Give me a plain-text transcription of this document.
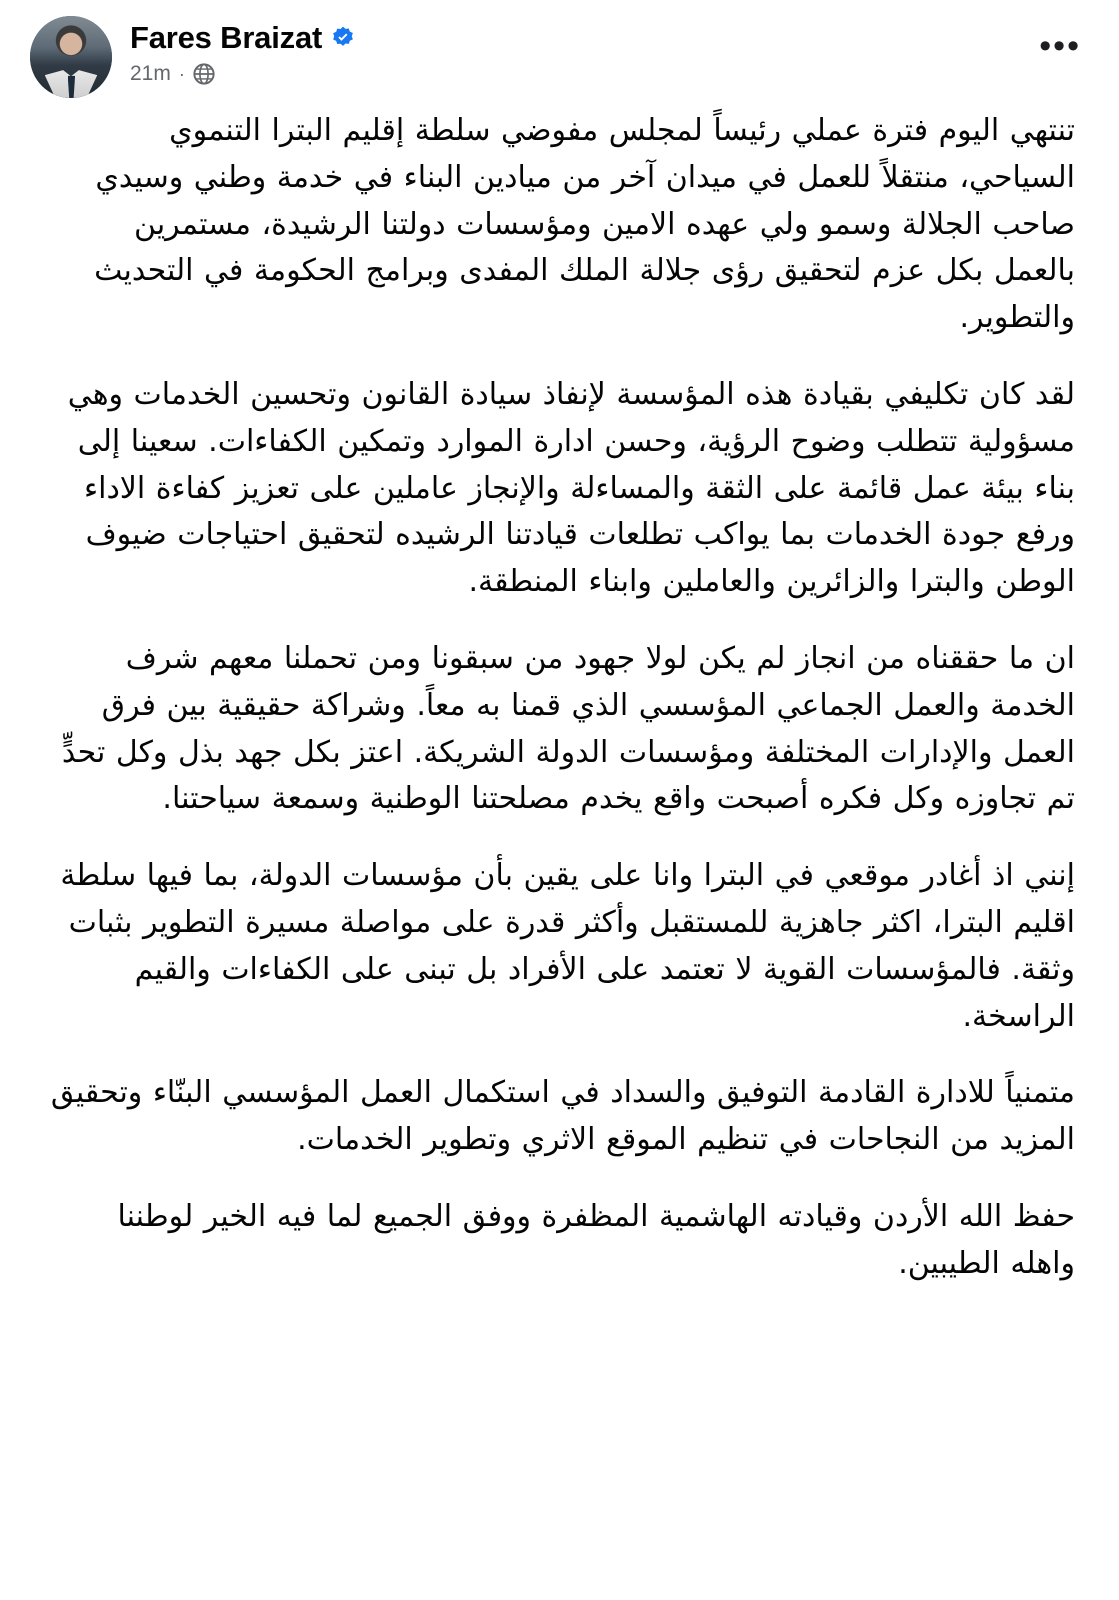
Fares Braizat
21m ·
•••

تنتهي اليوم فترة عملي رئيساً لمجلس مفوضي سلطة إقليم البترا التنموي السياحي، منتقلاً للعمل في ميدان آخر من ميادين البناء في خدمة وطني وسيدي صاحب الجلالة وسمو ولي عهده الامين ومؤسسات دولتنا الرشيدة، مستمرين بالعمل بكل عزم لتحقيق رؤى جلالة الملك المفدى وبرامج الحكومة في التحديث والتطوير.

لقد كان تكليفي بقيادة هذه المؤسسة لإنفاذ سيادة القانون وتحسين الخدمات وهي مسؤولية تتطلب وضوح الرؤية، وحسن ادارة الموارد وتمكين الكفاءات. سعينا إلى بناء بيئة عمل قائمة على الثقة والمساءلة والإنجاز عاملين على تعزيز كفاءة الاداء ورفع جودة الخدمات بما يواكب تطلعات قيادتنا الرشيده لتحقيق احتياجات ضيوف الوطن والبترا والزائرين والعاملين وابناء المنطقة.

ان ما حققناه من انجاز لم يكن لولا جهود من سبقونا ومن تحملنا معهم شرف الخدمة والعمل الجماعي المؤسسي الذي قمنا به معاً. وشراكة حقيقية بين فرق العمل والإدارات المختلفة ومؤسسات الدولة الشريكة. اعتز بكل جهد بذل وكل تحدٍّ تم تجاوزه وكل فكره أصبحت واقع يخدم مصلحتنا الوطنية وسمعة سياحتنا.

إنني اذ أغادر موقعي في البترا وانا على يقين بأن مؤسسات الدولة، بما فيها سلطة اقليم البترا، اكثر جاهزية للمستقبل وأكثر قدرة على مواصلة مسيرة التطوير بثبات وثقة. فالمؤسسات القوية لا تعتمد على الأفراد بل تبنى على الكفاءات والقيم الراسخة.

متمنياً للادارة القادمة التوفيق والسداد في استكمال العمل المؤسسي البنّاء وتحقيق المزيد من النجاحات في تنظيم الموقع الاثري وتطوير الخدمات.

حفظ الله الأردن وقيادته الهاشمية المظفرة ووفق الجميع لما فيه الخير لوطننا واهله الطيبين.
